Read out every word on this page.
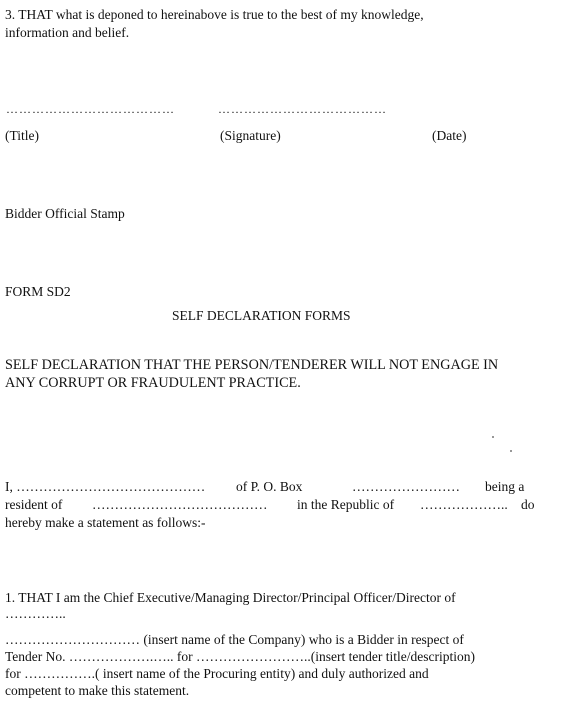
3. THAT what is deponed to hereinabove is true to the best of my knowledge,
information and belief.
…………………………………	…………………………………
(Title)	(Signature)	(Date)
Bidder Official Stamp
FORM SD2
SELF DECLARATION FORMS
SELF DECLARATION THAT THE PERSON/TENDERER WILL NOT ENGAGE IN
ANY CORRUPT OR FRAUDULENT PRACTICE.
I, …………………………………… of P. O. Box	…………………… being a
resident of ………………………………… in the Republic of ……………….. do
hereby make a statement as follows:-
1. THAT I am the Chief Executive/Managing Director/Principal Officer/Director of
…………..
………………………… (insert name of the Company) who is a Bidder in respect of
Tender No. ……………….….. for ……………………..(insert tender title/description)
for …………….( insert name of the Procuring entity) and duly authorized and
competent to make this statement.
